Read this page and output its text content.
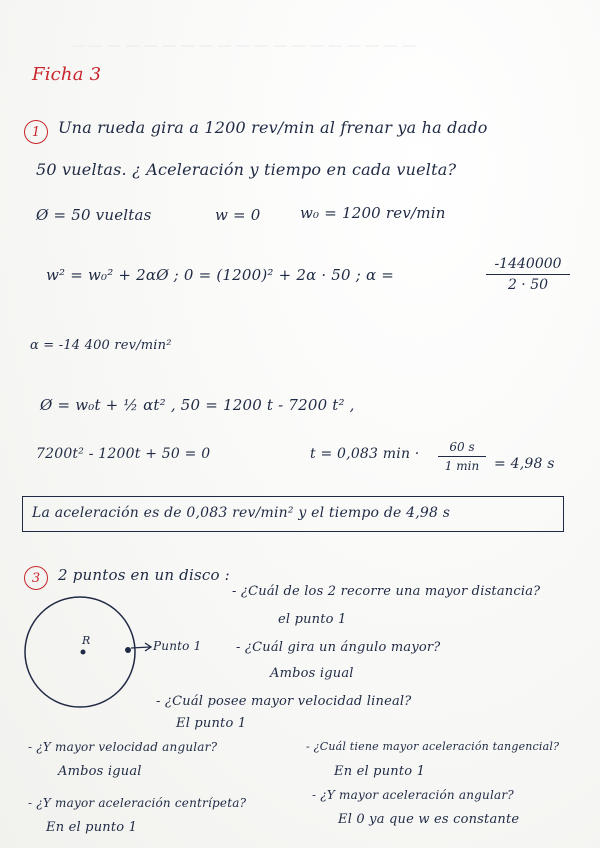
— — — — — — — — — — — — — — — — — — —
Ficha 3
1 Una rueda gira a 1200 rev/min al frenar ya ha dado
50 vueltas. ¿ Aceleración y tiempo en cada vuelta?
Ø = 50 vueltas	w = 0	w₀ = 1200 rev/min
w² = w₀² + 2αØ ; 0 = (1200)² + 2α · 50 ; α =
-1440000
2 · 50
α = -14 400 rev/min²
Ø = w₀t + ½ αt² , 50 = 1200 t - 7200 t² ,
7200t² - 1200t + 50 = 0	t = 0,083 min ·	60 s
1 min	= 4,98 s
La aceleración es de 0,083 rev/min² y el tiempo de 4,98 s
3 2 puntos en un disco :
- ¿Cuál de los 2 recorre una mayor distancia?
el punto 1
R	Punto 1	- ¿Cuál gira un ángulo mayor?
Ambos igual
- ¿Cuál posee mayor velocidad lineal?
El punto 1
- ¿Y mayor velocidad angular?
Ambos igual
- ¿Cuál tiene mayor aceleración tangencial?
En el punto 1
- ¿Y mayor aceleración centrípeta?
En el punto 1
- ¿Y mayor aceleración angular?
El 0 ya que w es constante
